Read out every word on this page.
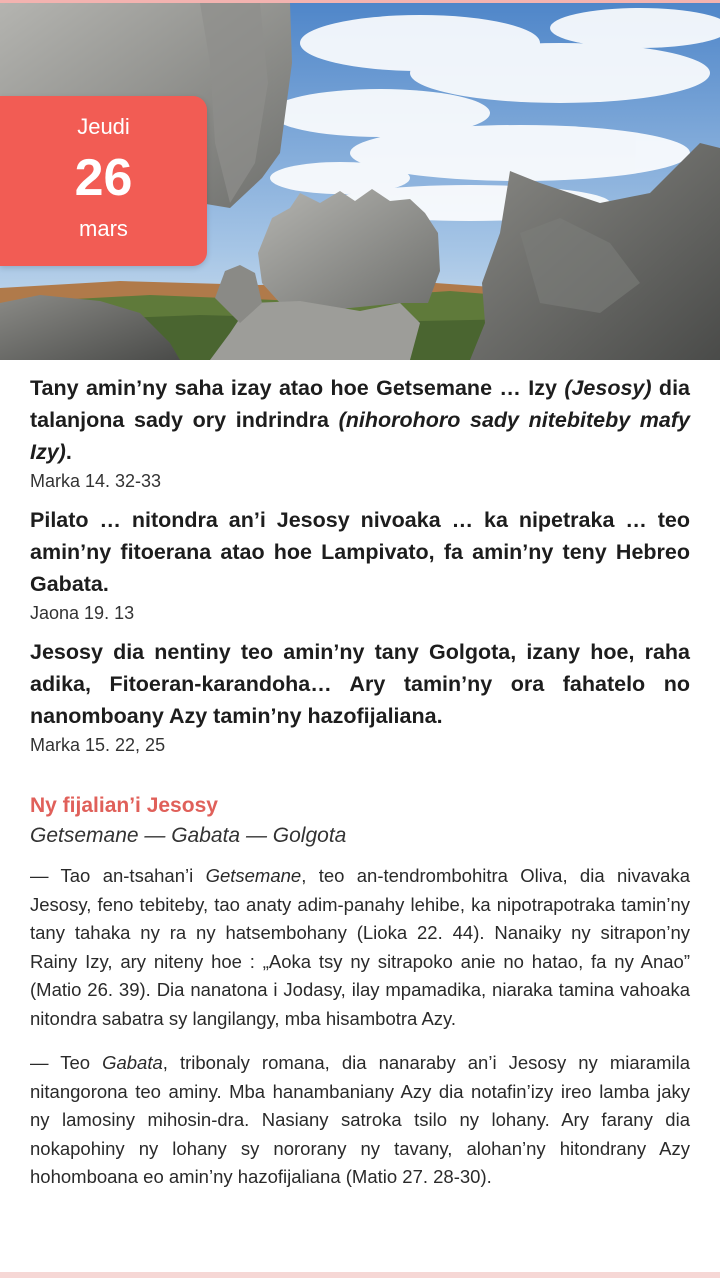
Jeudi
26
mars

Tany amin’ny saha izay atao hoe Getsemane … Izy (Jesosy) dia talanjona sady ory indrindra (nihorohoro sady nitebiteby mafy Izy).

Marka 14. 32-33

Pilato … nitondra an’i Jesosy nivoaka … ka nipetraka … teo amin’ny fitoerana atao hoe Lampivato, fa amin’ny teny Hebreo Gabata.

Jaona 19. 13

Jesosy dia nentiny teo amin’ny tany Golgota, izany hoe, raha adika, Fitoeran-karandoha… Ary tamin’ny ora fahatelo no nanomboany Azy tamin’ny hazofijaliana.

Marka 15. 22, 25

Ny fijalian’i Jesosy
Getsemane — Gabata — Golgota

— Tao an-tsahan’i Getsemane, teo an-tendrombohitra Oliva, dia nivavaka Jesosy, feno tebiteby, tao anaty adim-panahy lehibe, ka nipotrapotraka tamin’ny tany tahaka ny ra ny hatsembohany (Lioka 22. 44). Nanaiky ny sitrapon’ny Rainy Izy, ary niteny hoe : „Aoka tsy ny sitrapoko anie no hatao, fa ny Anao” (Matio 26. 39). Dia nanatona i Jodasy, ilay mpamadika, niaraka tamina vahoaka nitondra sabatra sy langilangy, mba hisambotra Azy.

— Teo Gabata, tribonaly romana, dia nanaraby an’i Jesosy ny miaramila nitangorona teo aminy. Mba hanambaniany Azy dia notafin’izy ireo lamba jaky ny lamosiny mihosin-dra. Nasiany satroka tsilo ny lohany. Ary farany dia nokapohiny ny lohany sy nororany ny tavany, alohan’ny hitondrany Azy hohomboana eo amin’ny hazofijaliana (Matio 27. 28-30).
